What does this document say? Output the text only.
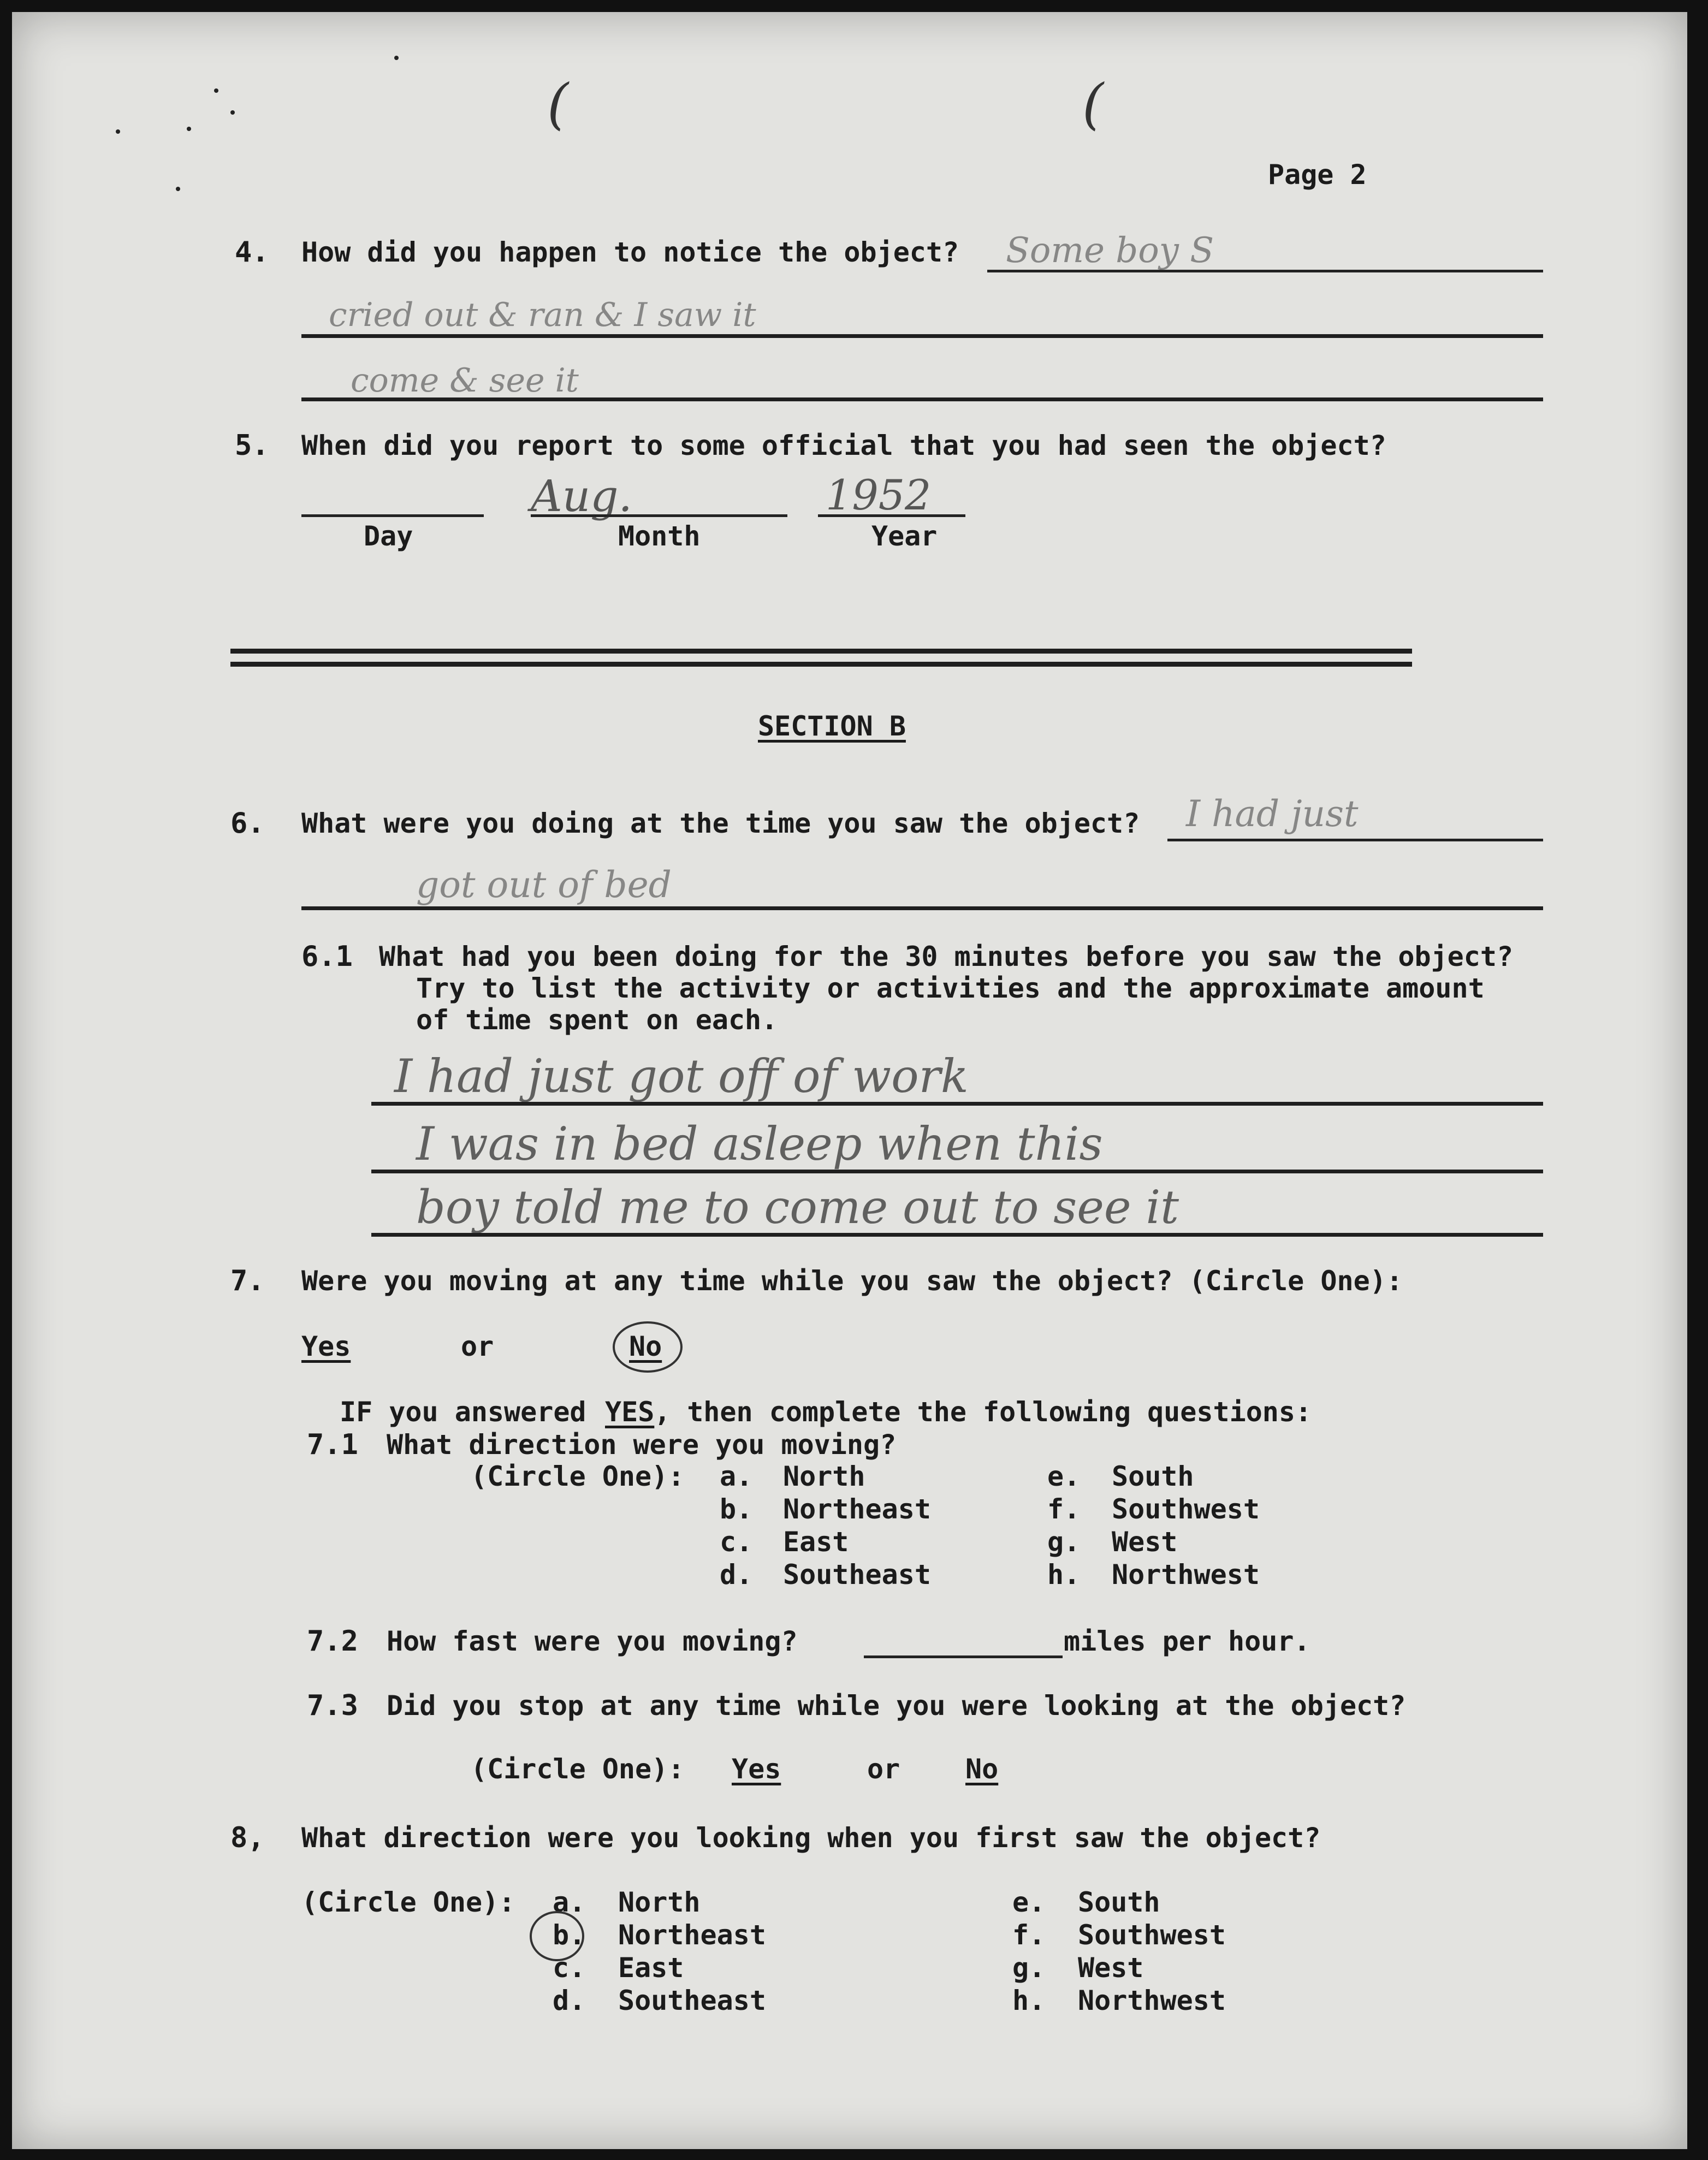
(	(
Page 2
4. How did you happen to notice the object? Some boy S
cried out & ran & I saw it
come & see it
5. When did you report to some official that you had seen the object?
Day
Aug.
Month
1952
Year
SECTION B
6. What were you doing at the time you saw the object? I had just
got out of bed
6.1 What had you been doing for the 30 minutes before you saw the object?
Try to list the activity or activities and the approximate amount
of time spent on each.
I had just got off of work
I was in bed asleep when this
boy told me to come out to see it
7. Were you moving at any time while you saw the object? (Circle One):
Yes	or	No
IF you answered YES , then complete the following questions:
7.1 What direction were you moving?
(Circle One): a. North
b. Northeast
c. East
d. Southeast
e. South
f. Southwest
g. West
h. Northwest
7.2 How fast were you moving?	miles per hour.
7.3 Did you stop at any time while you were looking at the object?
(Circle One): Yes	or No
8, What direction were you looking when you first saw the object?
(Circle One): a. North
b. Northeast
c. East
d. Southeast
e. South
f. Southwest
g. West
h. Northwest
